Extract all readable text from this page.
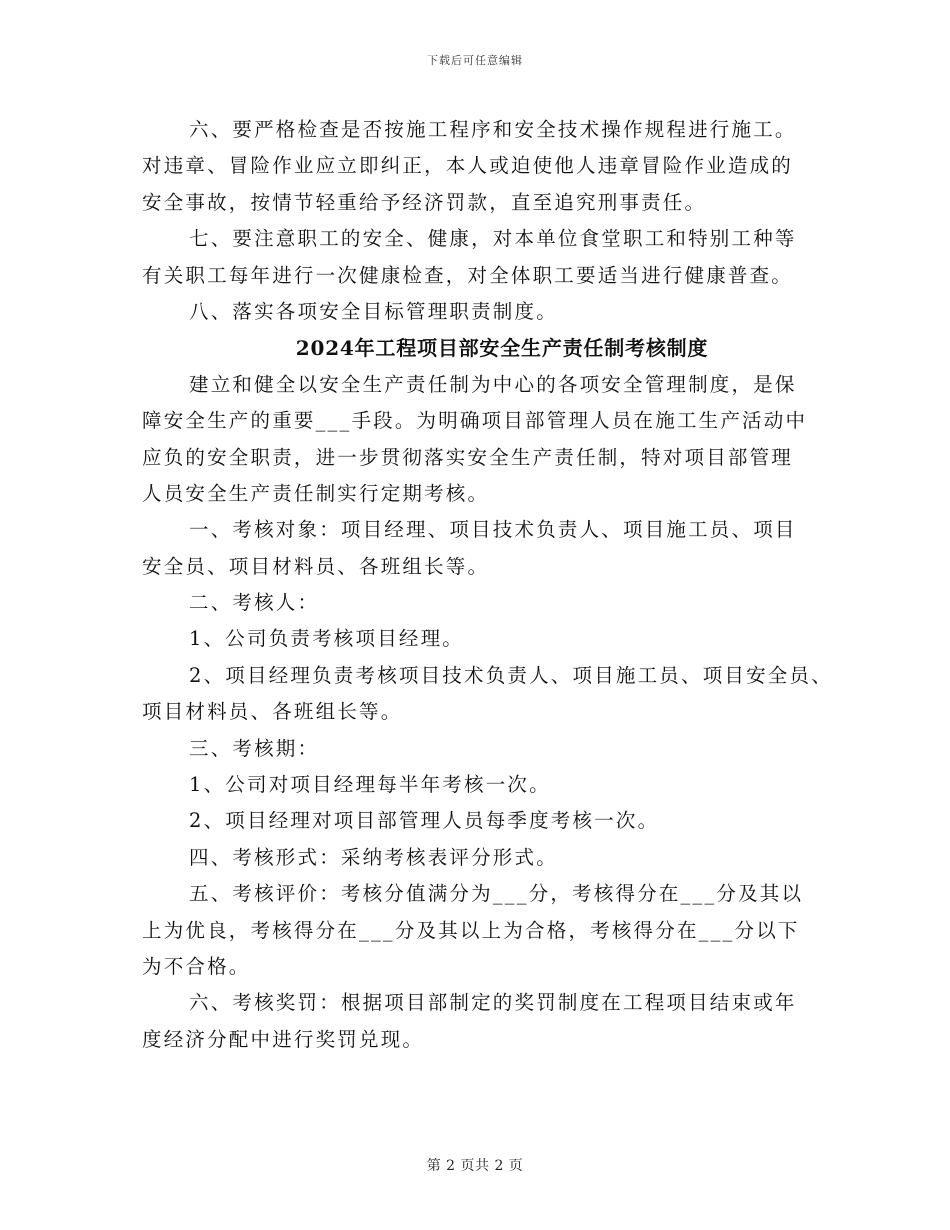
下载后可任意编辑
六、要严格检查是否按施工程序和安全技术操作规程进行施工。
对违章、冒险作业应立即纠正，本人或迫使他人违章冒险作业造成的
安全事故，按情节轻重给予经济罚款，直至追究刑事责任。
七、要注意职工的安全、健康，对本单位食堂职工和特别工种等
有关职工每年进行一次健康检查，对全体职工要适当进行健康普查。
八、落实各项安全目标管理职责制度。
2024年工程项目部安全生产责任制考核制度
建立和健全以安全生产责任制为中心的各项安全管理制度，是保
障安全生产的重要___手段。为明确项目部管理人员在施工生产活动中
应负的安全职责，进一步贯彻落实安全生产责任制，特对项目部管理
人员安全生产责任制实行定期考核。
一、考核对象：项目经理、项目技术负责人、项目施工员、项目
安全员、项目材料员、各班组长等。
二、考核人：
1、公司负责考核项目经理。
2、项目经理负责考核项目技术负责人、项目施工员、项目安全员、
项目材料员、各班组长等。
三、考核期：
1、公司对项目经理每半年考核一次。
2、项目经理对项目部管理人员每季度考核一次。
四、考核形式：采纳考核表评分形式。
五、考核评价：考核分值满分为___分，考核得分在___分及其以
上为优良，考核得分在___分及其以上为合格，考核得分在___分以下
为不合格。
六、考核奖罚：根据项目部制定的奖罚制度在工程项目结束或年
度经济分配中进行奖罚兑现。
第 2 页共 2 页
